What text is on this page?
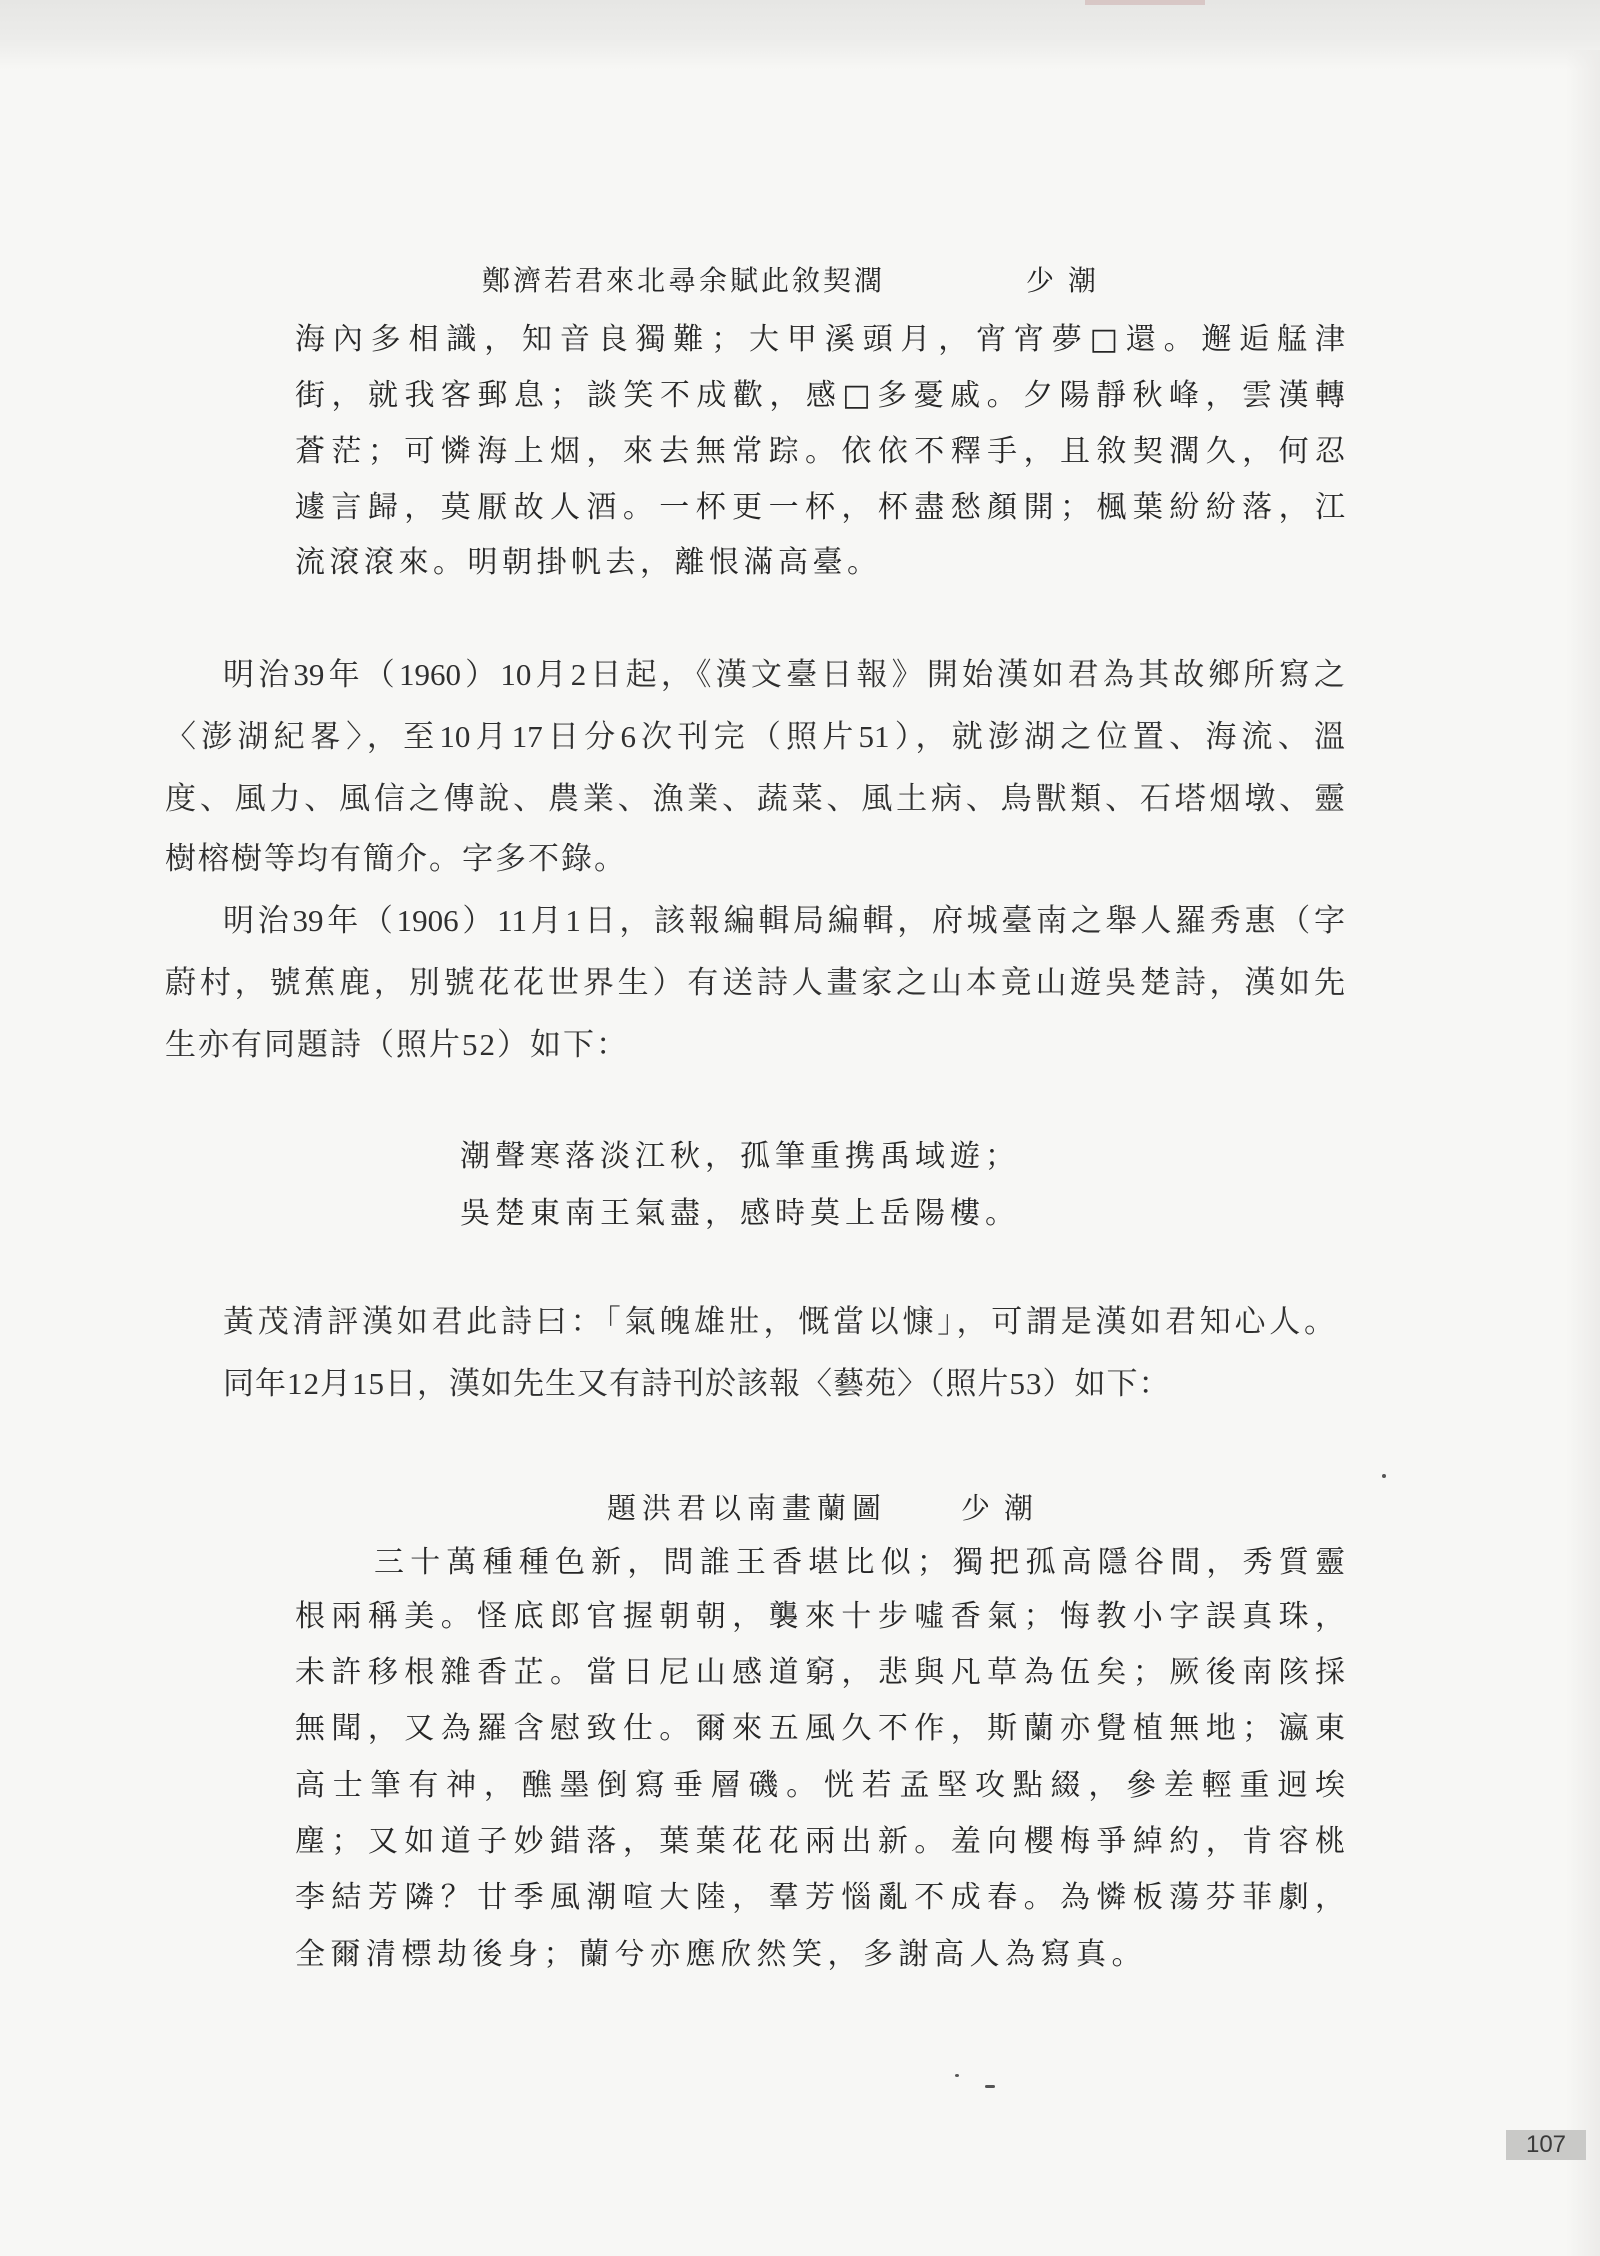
鄭濟若君來北尋余賦此敘契濶	少潮
海內多相識，知音良獨難；大甲溪頭月，宵宵夢□還。邂逅艋津
街，就我客郵息；談笑不成歡，感□多憂戚。夕陽靜秋峰，雲漢轉
蒼茫；可憐海上烟，來去無常踪。依依不釋手，且敘契濶久，何忍
遽言歸，莫厭故人酒。一杯更一杯，杯盡愁顏開；楓葉紛紛落，江
流滾滾來。明朝掛帆去，離恨滿高臺。
明治39年（1960）10月2日起，《漢文臺日報》開始漢如君為其故鄉所寫之
〈澎湖紀畧〉，至10月17日分6次刊完（照片51），就澎湖之位置、海流、溫
度、風力、風信之傳說、農業、漁業、蔬菜、風土病、鳥獸類、石塔烟墩、靈
樹榕樹等均有簡介。字多不錄。
明治39年（1906）11月1日，該報編輯局編輯，府城臺南之舉人羅秀惠（字
蔚村，號蕉鹿，別號花花世界生）有送詩人畫家之山本竟山遊吳楚詩，漢如先
生亦有同題詩（照片52）如下：
潮聲寒落淡江秋，孤筆重携禹域遊；
吳楚東南王氣盡，感時莫上岳陽樓。
黃茂清評漢如君此詩曰：「氣魄雄壯，慨當以慷」，可謂是漢如君知心人。
同年12月15日，漢如先生又有詩刊於該報〈藝苑〉（照片53）如下：
題洪君以南畫蘭圖	少潮
三十萬種種色新，問誰王香堪比似；獨把孤高隱谷間，秀質靈
根兩稱美。怪底郎官握朝朝，襲來十步噓香氣；悔教小字誤真珠，
未許移根雜香芷。當日尼山感道窮，悲與凡草為伍矣；厥後南陔採
無聞，又為羅含慰致仕。爾來五風久不作，斯蘭亦覺植無地；瀛東
高士筆有神，醮墨倒寫垂層磯。恍若孟堅攻點綴，參差輕重迥埃
塵；又如道子妙錯落，葉葉花花兩出新。羞向櫻梅爭綽約，肯容桃
李結芳隣？廿季風潮喧大陸，羣芳惱亂不成春。為憐板蕩芬菲劇，
全爾清標劫後身；蘭兮亦應欣然笑，多謝高人為寫真。
107
